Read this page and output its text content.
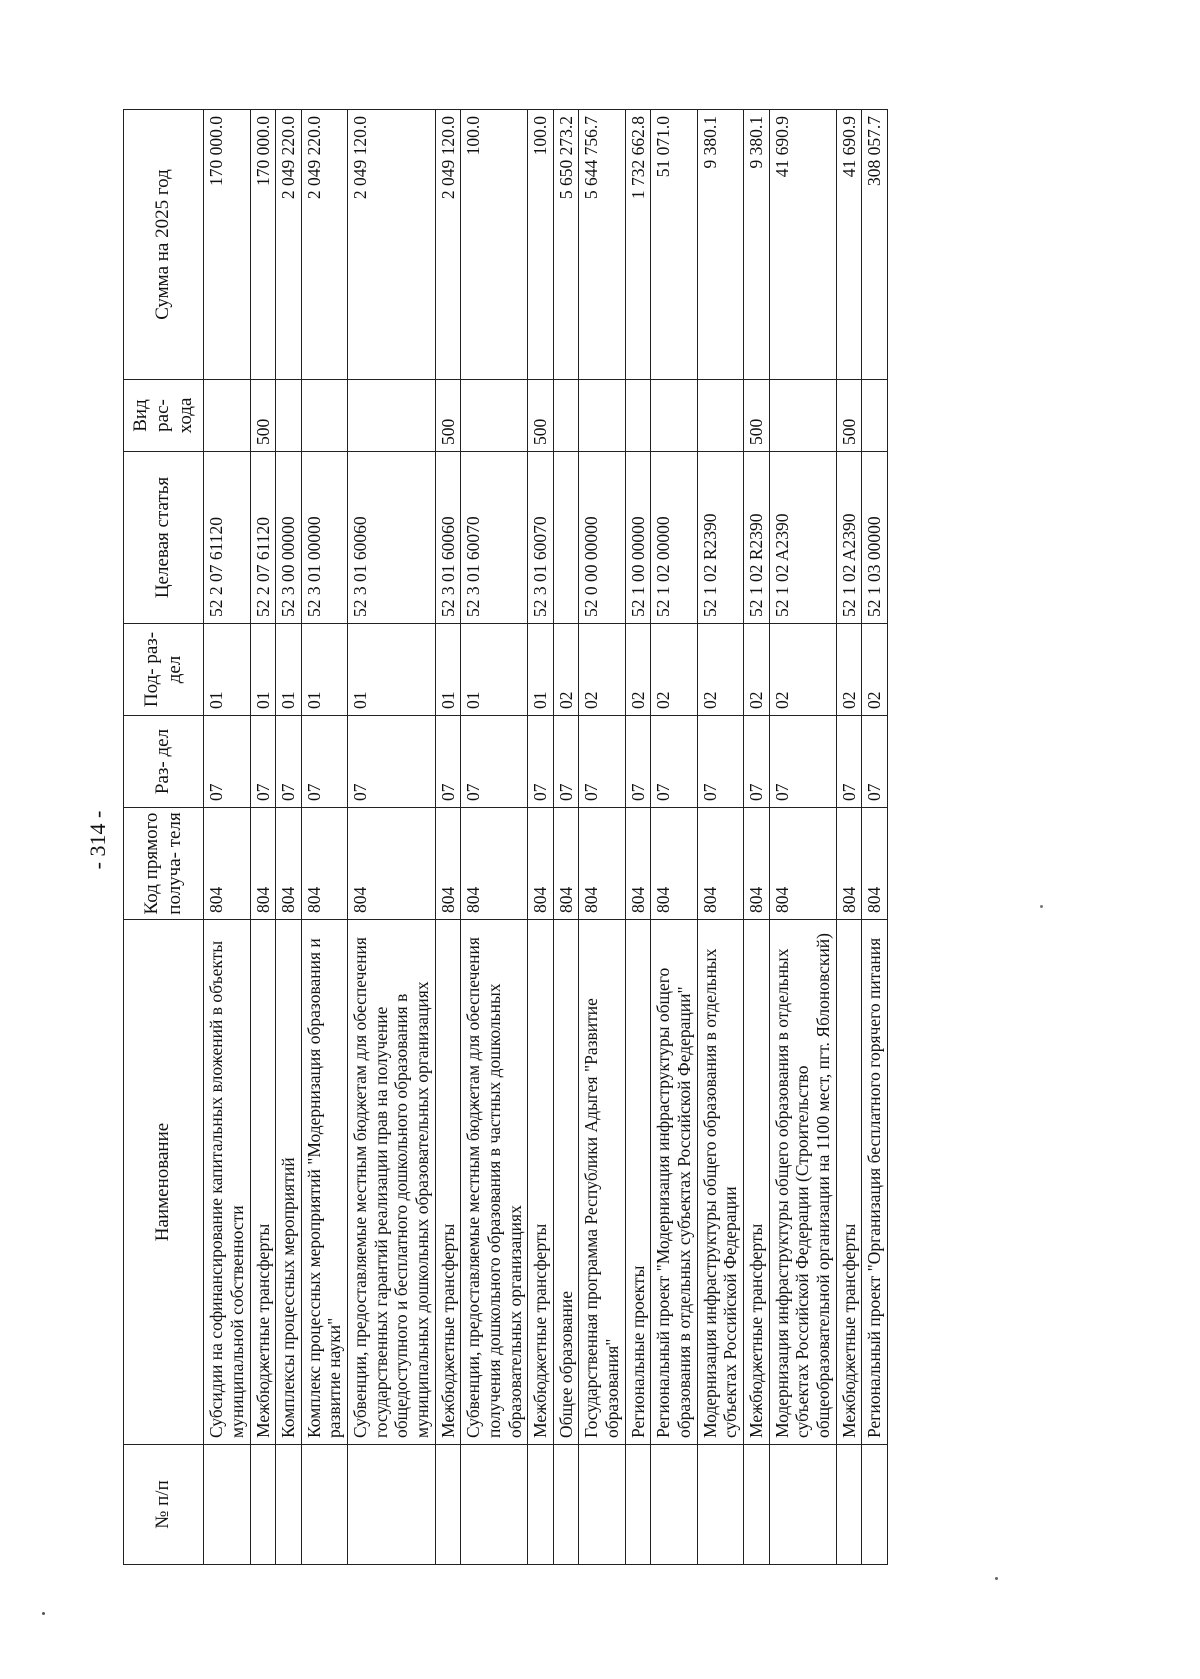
- 314 -
№ п/п	Наименование	Код прямого получа- теля	Раз- дел	Под- раз- дел	Целевая статья	Вид рас- хода	Сумма на 2025 год
	Субсидии на софинансирование капитальных вложений в объекты муниципальной собственности	804	07	01	52 2 07 61120		170 000.0
	Межбюджетные трансферты	804	07	01	52 2 07 61120	500	170 000.0
	Комплексы процессных мероприятий	804	07	01	52 3 00 00000		2 049 220.0
	Комплекс процессных мероприятий "Модернизация образования и развитие науки"	804	07	01	52 3 01 00000		2 049 220.0
	Субвенции, предоставляемые местным бюджетам для обеспечения государственных гарантий реализации прав на получение общедоступного и бесплатного дошкольного образования в муниципальных дошкольных образовательных организациях	804	07	01	52 3 01 60060		2 049 120.0
	Межбюджетные трансферты	804	07	01	52 3 01 60060	500	2 049 120.0
	Субвенции, предоставляемые местным бюджетам для обеспечения получения дошкольного образования в частных дошкольных образовательных организациях	804	07	01	52 3 01 60070		100.0
	Межбюджетные трансферты	804	07	01	52 3 01 60070	500	100.0
	Общее образование	804	07	02			5 650 273.2
	Государственная программа Республики Адыгея "Развитие образования"	804	07	02	52 0 00 00000		5 644 756.7
	Региональные проекты	804	07	02	52 1 00 00000		1 732 662.8
	Региональный проект "Модернизация инфраструктуры общего образования в отдельных субъектах Российской Федерации"	804	07	02	52 1 02 00000		51 071.0
	Модернизация инфраструктуры общего образования в отдельных субъектах Российской Федерации	804	07	02	52 1 02 R2390		9 380.1
	Межбюджетные трансферты	804	07	02	52 1 02 R2390	500	9 380.1
	Модернизация инфраструктуры общего образования в отдельных субъектах Российской Федерации (Строительство общеобразовательной организации на 1100 мест, пгт. Яблоновский)	804	07	02	52 1 02 A2390		41 690.9
	Межбюджетные трансферты	804	07	02	52 1 02 A2390	500	41 690.9
	Региональный проект "Организация бесплатного горячего питания	804	07	02	52 1 03 00000		308 057.7
